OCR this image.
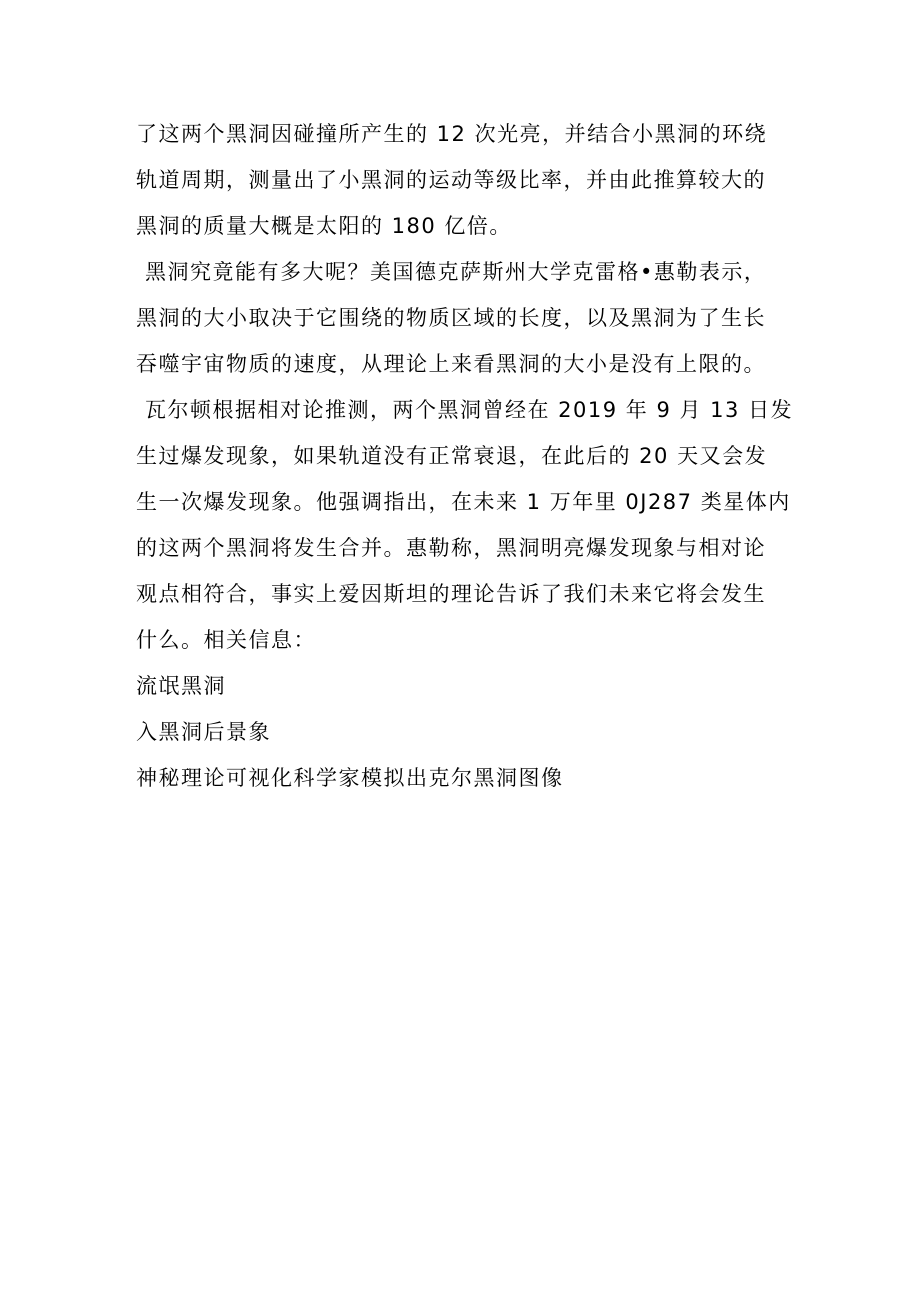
了这两个黑洞因碰撞所产生的 12 次光亮，并结合小黑洞的环绕

轨道周期，测量出了小黑洞的运动等级比率，并由此推算较大的

黑洞的质量大概是太阳的 180 亿倍。

黑洞究竟能有多大呢？美国德克萨斯州大学克雷格•惠勒表示，

黑洞的大小取决于它围绕的物质区域的长度，以及黑洞为了生长

吞噬宇宙物质的速度，从理论上来看黑洞的大小是没有上限的。

瓦尔顿根据相对论推测，两个黑洞曾经在 2019 年 9 月 13 日发

生过爆发现象，如果轨道没有正常衰退，在此后的 20 天又会发

生一次爆发现象。他强调指出，在未来 1 万年里 0J287 类星体内

的这两个黑洞将发生合并。惠勒称，黑洞明亮爆发现象与相对论

观点相符合，事实上爱因斯坦的理论告诉了我们未来它将会发生

什么。相关信息：

流氓黑洞

入黑洞后景象

神秘理论可视化科学家模拟出克尔黑洞图像
